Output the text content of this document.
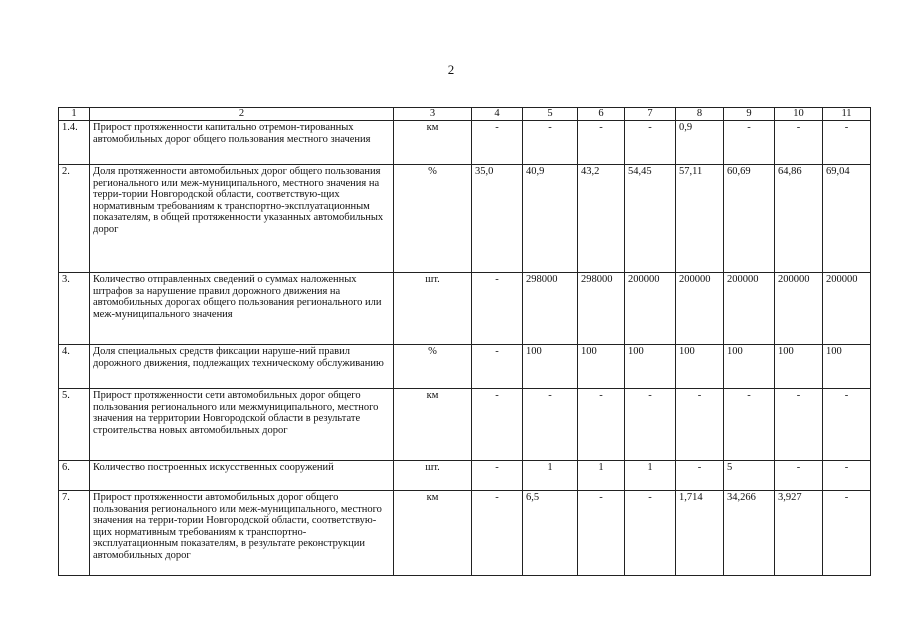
2
1	2	3	4	5	6	7	8	9	10	11
1.4.	Прирост протяженности капитально отремон-тированных автомобильных дорог общего пользования местного значения	км	-	-	-	-	0,9	-	-	-
2.	Доля протяженности автомобильных дорог общего пользования регионального или меж-муниципального, местного значения на терри-тории Новгородской области, соответствую-щих нормативным требованиям к транспортно-эксплуатационным показателям, в общей протяженности указанных автомобильных дорог	%	35,0	40,9	43,2	54,45	57,11	60,69	64,86	69,04
3.	Количество отправленных сведений о суммах наложенных штрафов за нарушение правил дорожного движения на автомобильных дорогах общего пользования регионального или меж-муниципального значения	шт.	-	298000	298000	200000	200000	200000	200000	200000
4.	Доля специальных средств фиксации наруше-ний правил дорожного движения, подлежащих техническому обслуживанию	%	-	100	100	100	100	100	100	100
5.	Прирост протяженности сети автомобильных дорог общего пользования регионального или межмуниципального, местного значения на территории Новгородской области в результате строительства новых автомобильных дорог	км	-	-	-	-	-	-	-	-
6.	Количество построенных искусственных сооружений	шт.	-	1	1	1	-	5	-	-
7.	Прирост протяженности автомобильных дорог общего пользования регионального или меж-муниципального, местного значения на терри-тории Новгородской области, соответствую-щих нормативным требованиям к транспортно-эксплуатационным показателям, в результате реконструкции автомобильных дорог	км	-	6,5	-	-	1,714	34,266	3,927	-
